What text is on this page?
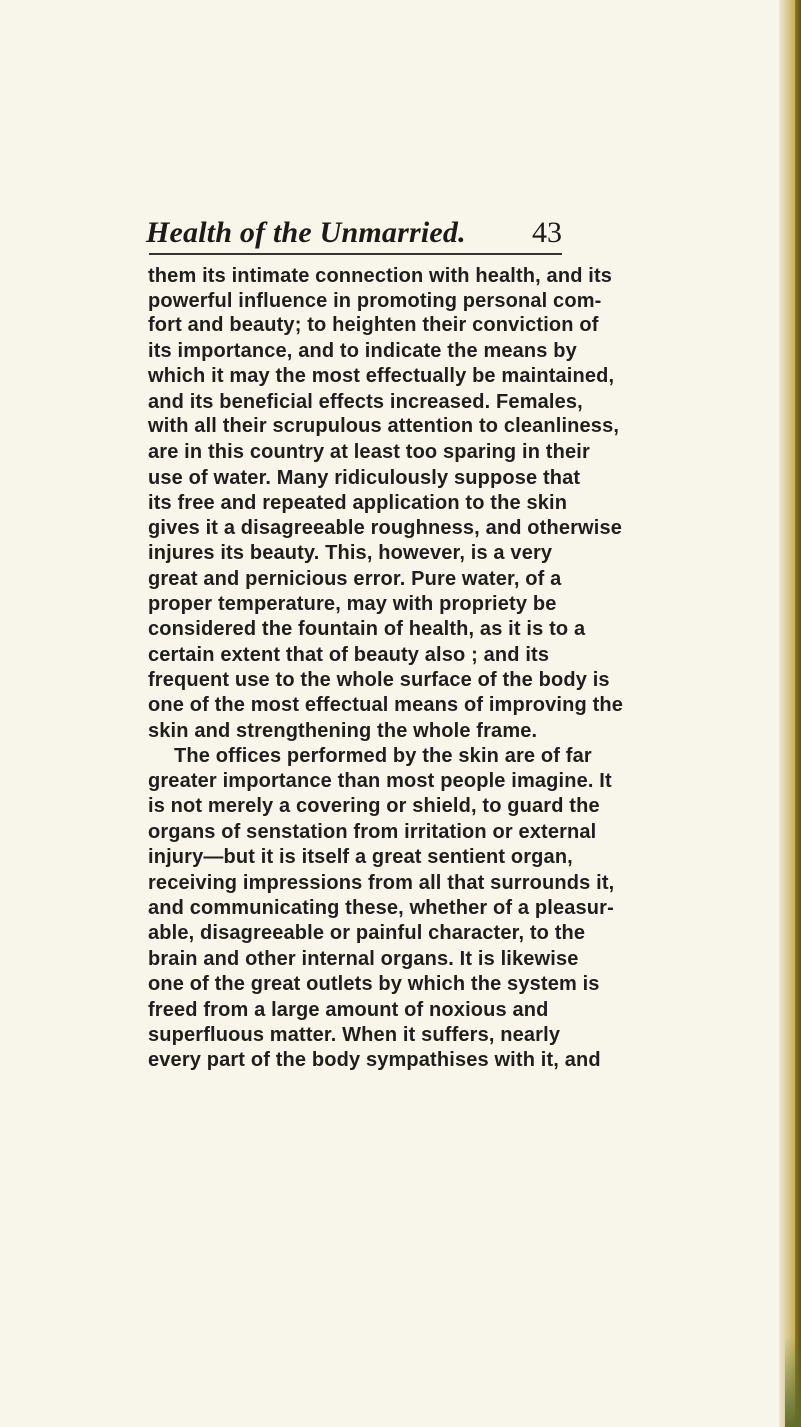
Health of the Unmarried. 43
them its intimate connection with health, and its
powerful influence in promoting personal com-
fort and beauty; to heighten their conviction of
its importance, and to indicate the means by
which it may the most effectually be maintained,
and its beneficial effects increased. Females,
with all their scrupulous attention to cleanliness,
are in this country at least too sparing in their
use of water. Many ridiculously suppose that
its free and repeated application to the skin
gives it a disagreeable roughness, and otherwise
injures its beauty. This, however, is a very
great and pernicious error. Pure water, of a
proper temperature, may with propriety be
considered the fountain of health, as it is to a
certain extent that of beauty also ; and its
frequent use to the whole surface of the body is
one of the most effectual means of improving the
skin and strengthening the whole frame.
The offices performed by the skin are of far
greater importance than most people imagine. It
is not merely a covering or shield, to guard the
organs of senstation from irritation or external
injury—but it is itself a great sentient organ,
receiving impressions from all that surrounds it,
and communicating these, whether of a pleasur-
able, disagreeable or painful character, to the
brain and other internal organs. It is likewise
one of the great outlets by which the system is
freed from a large amount of noxious and
superfluous matter. When it suffers, nearly
every part of the body sympathises with it, and
